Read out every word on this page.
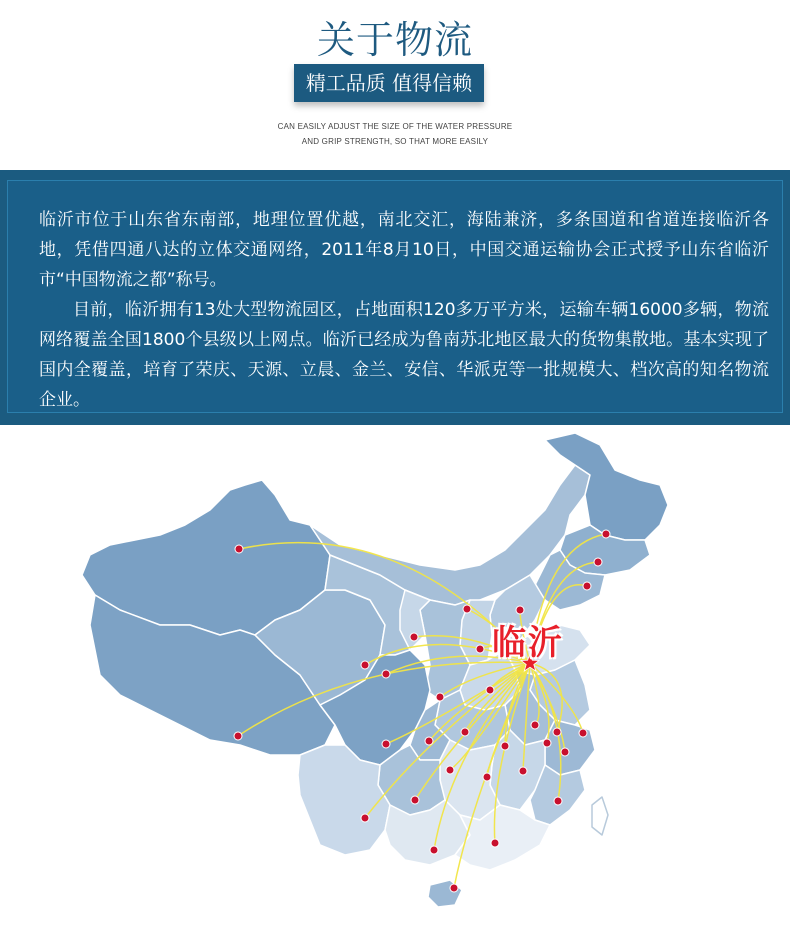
关于物流
精工品质 值得信赖
CAN EASILY ADJUST THE SIZE OF THE WATER PRESSURE
AND GRIP STRENGTH, SO THAT MORE EASILY

临沂市位于山东省东南部，地理位置优越，南北交汇，海陆兼济，多条国道和省道连接临沂各地，凭借四通八达的立体交通网络，2011年8月10日，中国交通运输协会正式授予山东省临沂市“中国物流之都”称号。

目前，临沂拥有13处大型物流园区，占地面积120多万平方米，运输车辆16000多辆，物流网络覆盖全国1800个县级以上网点。临沂已经成为鲁南苏北地区最大的货物集散地。基本实现了国内全覆盖，培育了荣庆、天源、立晨、金兰、安信、华派克等一批规模大、档次高的知名物流企业。

临沂
